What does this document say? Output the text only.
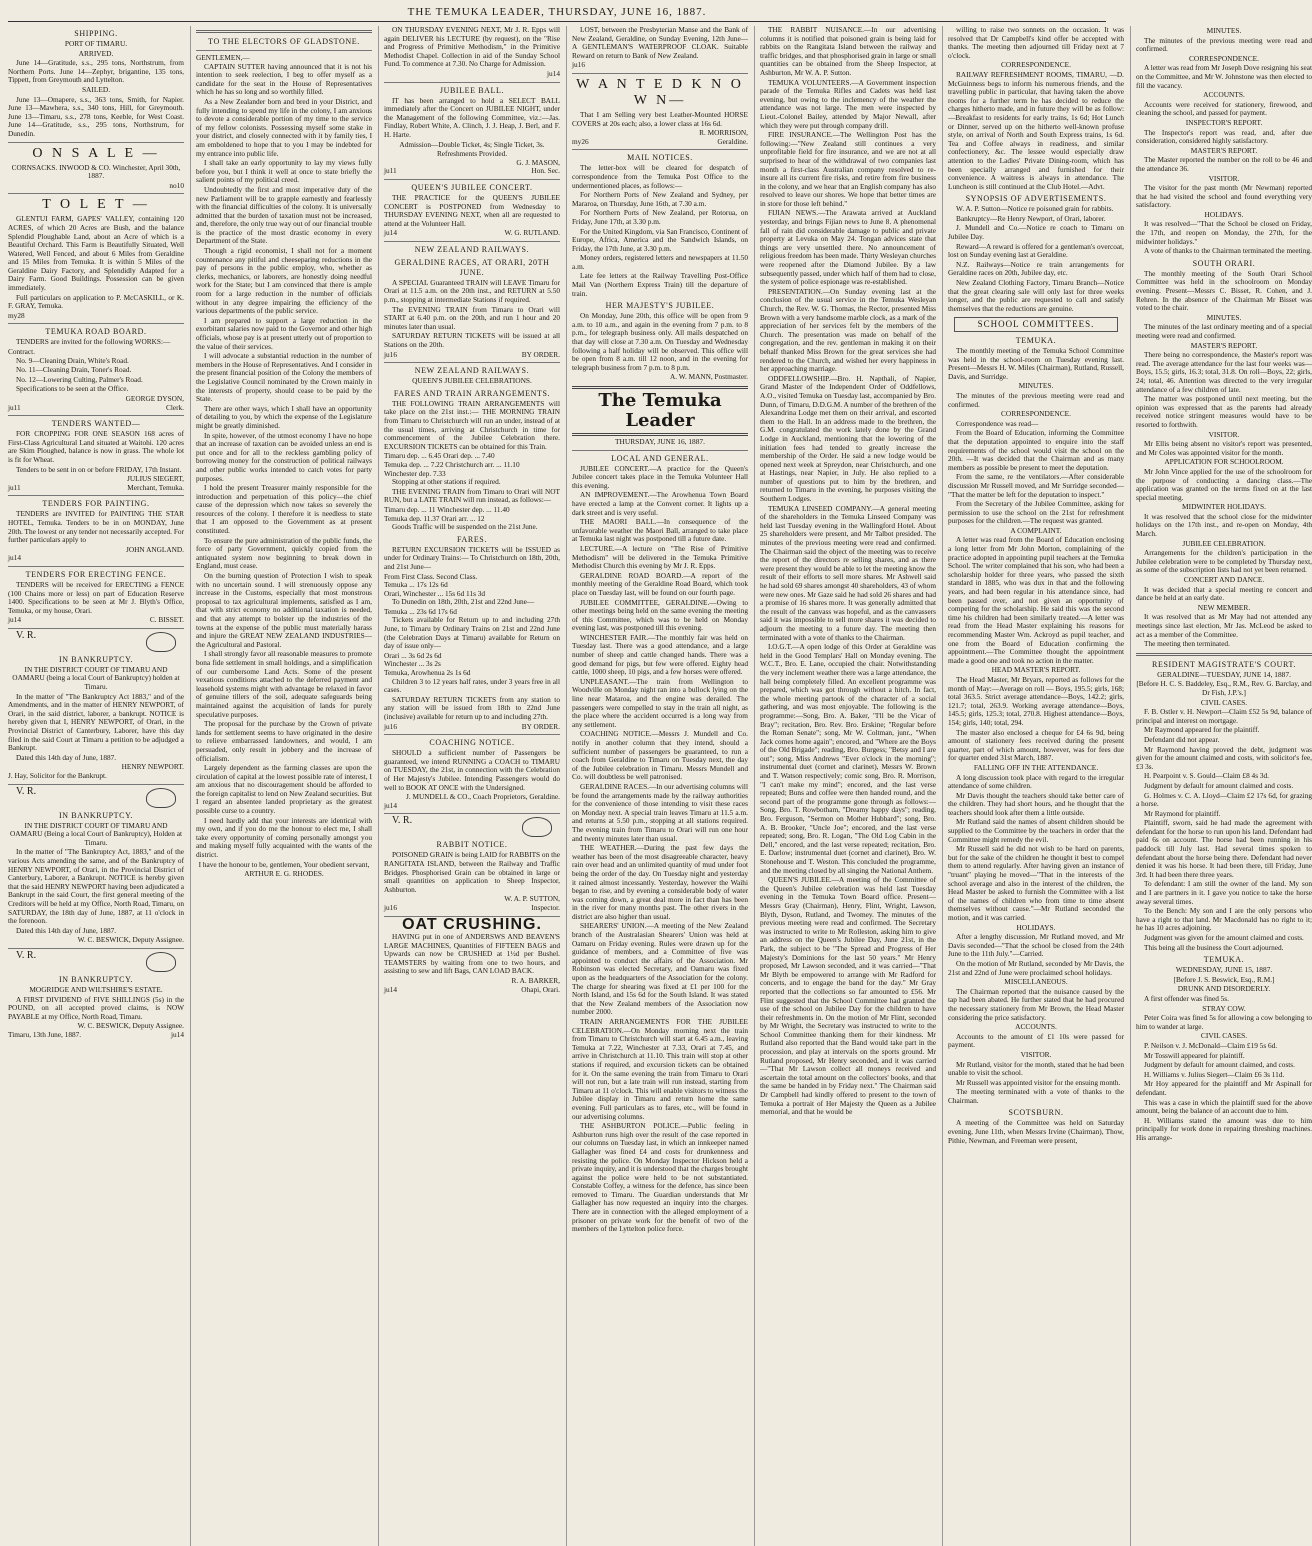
THE TEMUKA LEADER, THURSDAY, JUNE 16, 1887.
SHIPPING.
PORT OF TIMARU.
ARRIVED.

June 14—Gratitude, s.s., 295 tons, Northstrum, from Northern Ports. June 14—Zephyr, brigantine, 135 tons, Tippett, from Greymouth and Lyttelton.

SAILED.

June 13—Omapere, s.s., 363 tons, Smith, for Napier. June 13—Mawhera, s.s., 340 tons, Hill, for Greymouth. June 13—Timaru, s.s., 278 tons, Keeble, for West Coast. June 14—Gratitude, s.s., 295 tons, Northstrum, for Dunedin.

O N S A L E —

CORNSACKS. INWOOD & CO. Winchester, April 30th, 1887.

no10
T O L E T —

GLENTUI FARM, GAPES' VALLEY, containing 120 ACRES, of which 20 Acres are Bush, and the balance Splendid Ploughable Land, about an Acre of which is a Beautiful Orchard. This Farm is Beautifully Situated, Well Watered, Well Fenced, and about 6 Miles from Geraldine and 15 Miles from Temuka. It is within 5 Miles of the Geraldine Dairy Factory, and Splendidly Adapted for a Dairy Farm. Good Buildings. Possession can be given immediately.

Full particulars on application to P. McCASKILL, or K. F. GRAY, Temuka.

my28
TEMUKA ROAD BOARD.

TENDERS are invited for the following WORKS:—

Contract.

No. 9—Cleaning Drain, White's Road.

No. 11—Cleaning Drain, Toner's Road.

No. 12—Lowering Culting, Palmer's Road.

Specifications to be seen at the Office.

GEORGE DYSON,
ju11	Clerk.
TENDERS WANTED—

FOR CROPPING FOR ONE SEASON 168 acres of First-Class Agricultural Land situated at Waitohi. 120 acres are Skim Ploughed, balance is now in grass. The whole lot is fit for Wheat.

Tenders to be sent in on or before FRIDAY, 17th Instant.

JULIUS SIEGERT,
ju11	Merchant, Temuka.
TENDERS FOR PAINTING.

TENDERS are INVITED for PAINTING THE STAR HOTEL, Temuka. Tenders to be in on MONDAY, June 20th. The lowest or any tender not necessarily accepted. For further particulars apply to

JOHN ANGLAND.
ju14
TENDERS FOR ERECTING FENCE.

TENDERS will be received for ERECTING a FENCE (100 Chains more or less) on part of Education Reserve 1400. Specifications to be seen at Mr J. Blyth's Office, Temuka, or my house, Orari.

ju14	C. BISSET.
V. R.
IN BANKRUPTCY.

IN THE DISTRICT COURT OF TIMARU AND OAMARU (being a local Court of Bankruptcy) holden at Timaru.

In the matter of "The Bankruptcy Act 1883," and of the Amendments, and in the matter of HENRY NEWPORT, of Orari, in the said district, laborer, a bankrupt. NOTICE is hereby given that I, HENRY NEWPORT, of Orari, in the Provincial District of Canterbury, Laborer, have this day filed in the said Court at Timaru a petition to be adjudged a Bankrupt.

Dated this 14th day of June, 1887.

HENRY NEWPORT.
J. Hay, Solicitor for the Bankrupt.
V. R.
IN BANKRUPTCY.

IN THE DISTRICT COURT OF TIMARU AND OAMARU (Being a local Court of Bankruptcy), Holden at Timaru.

In the matter of "The Bankruptcy Act, 1883," and of the various Acts amending the same, and of the Bankruptcy of HENRY NEWPORT, of Orari, in the Provincial District of Canterbury, Laborer, a Bankrupt. NOTICE is hereby given that the said HENRY NEWPORT having been adjudicated a Bankrupt in the said Court, the first general meeting of the Creditors will be held at my Office, North Road, Timaru, on SATURDAY, the 18th day of June, 1887, at 11 o'clock in the forenoon.

Dated this 14th day of June, 1887.

W. C. BESWICK, Deputy Assignee.
V. R.
IN BANKRUPTCY.
MOGRIDGE AND WILTSHIRE'S ESTATE.

A FIRST DIVIDEND of FIVE SHILLINGS (5s) in the POUND, on all accepted proved claims, is NOW PAYABLE at my Office, North Road, Timaru.

W. C. BESWICK, Deputy Assignee.
Timaru, 13th June, 1887.	ju14
TO THE ELECTORS OF GLADSTONE.
GENTLEMEN,—

CAPTAIN SUTTER having announced that it is not his intention to seek reelection, I beg to offer myself as a candidate for the seat in the House of Representatives which he has so long and so worthily filled.

As a New Zealander born and bred in your District, and fully intending to spend my life in the colony, I am anxious to devote a considerable portion of my time to the service of my fellow colonists. Possessing myself some stake in your district, and closely connected with it by family ties, I am emboldened to hope that to you I may be indebted for my entrance into public life.

I shall take an early opportunity to lay my views fully before you, but I think it well at once to state briefly the salient points of my political creed.

Undoubtedly the first and most imperative duty of the new Parliament will be to grapple earnestly and fearlessly with the financial difficulties of the colony. It is universally admitted that the burden of taxation must not be increased, and, therefore, the only true way out of our financial trouble is the practice of the most drastic economy in every Department of the State.

Though a rigid economist, I shall not for a moment countenance any pitiful and cheeseparing reductions in the pay of persons in the public employ, who, whether as clerks, mechanics, or laborers, are honestly doing needful work for the State; but I am convinced that there is ample room for a large reduction in the number of officials without in any degree impairing the efficiency of the various departments of the public service.

I am prepared to support a large reduction in the exorbitant salaries now paid to the Governor and other high officials, whose pay is at present utterly out of proportion to the value of their services.

I will advocate a substantial reduction in the number of members in the House of Representatives. And I consider in the present financial position of the Colony the members of the Legislative Council nominated by the Crown mainly in the interests of property, should cease to be paid by the State.

There are other ways, which I shall have an opportunity of detailing to you, by which the expense of the Legislature might be greatly diminished.

In spite, however, of the utmost economy I have no hope that an increase of taxation can be avoided unless an end is put once and for all to the reckless gambling policy of borrowing money for the construction of political railways and other public works intended to catch votes for party purposes.

I hold the present Treasurer mainly responsible for the introduction and perpetuation of this policy—the chief cause of the depression which now takes so severely the resources of the colony. I therefore it is needless to state that I am opposed to the Government as at present constituted.

To ensure the pure administration of the public funds, the force of party Government, quickly copied from the antiquated system now beginning to break down in England, must cease.

On the burning question of Protection I wish to speak with no uncertain sound. I will strenuously oppose any increase in the Customs, especially that most monstrous proposal to tax agricultural implements, satisfied as I am, that with strict economy no additional taxation is needed, and that any attempt to bolster up the industries of the towns at the expense of the public must materially harass and injure the GREAT NEW ZEALAND INDUSTRIES—the Agricultural and Pastoral.

I shall strongly favor all reasonable measures to promote bona fide settlement in small holdings, and a simplification of our cumbersome Land Acts. Some of the present vexatious conditions attached to the deferred payment and leasehold systems might with advantage be relaxed in favor of genuine tillers of the soil, adequate safeguards being maintained against the acquisition of lands for purely speculative purposes.

The proposal for the purchase by the Crown of private lands for settlement seems to have originated in the desire to relieve embarrassed landowners, and would, I am persuaded, only result in jobbery and the increase of officialism.

Largely dependent as the farming classes are upon the circulation of capital at the lowest possible rate of interest, I am anxious that no discouragement should be afforded to the foreign capitalist to lend on New Zealand securities. But I regard an absentee landed proprietary as the greatest possible curse to a country.

I need hardly add that your interests are identical with my own, and if you do me the honour to elect me, I shall take every opportunity of coming personally amongst you and making myself fully acquainted with the wants of the district.

I have the honour to be, gentlemen, Your obedient servant,

ARTHUR E. G. RHODES.

ON THURSDAY EVENING NEXT, Mr J. R. Epps will again DELIVER his LECTURE (by request), on the "Rise and Progress of Primitive Methodism," in the Primitive Methodist Chapel. Collection in aid of the Sunday School Fund. To commence at 7.30. No Charge for Admission.

ju14
JUBILEE BALL.

IT has been arranged to hold a SELECT BALL immediately after the Concert on JUBILEE NIGHT, under the Management of the following Committee, viz.:—Jas. Findlay, Robert White, A. Clinch, J. J. Heap, J. Berl, and F. H. Harte.

Admission—Double Ticket, 4s; Single Ticket, 3s.

Refreshments Provided.
G. J. MASON,
ju11	Hon. Sec.
QUEEN'S JUBILEE CONCERT.

THE PRACTICE for the QUEEN'S JUBILEE CONCERT is POSTPONED from Wednesday to THURSDAY EVENING NEXT, when all are requested to attend at the Volunteer Hall.

ju14	W. G. RUTLAND.
NEW ZEALAND RAILWAYS.
GERALDINE RACES, AT ORARI, 20TH JUNE.

A SPECIAL Guaranteed TRAIN will LEAVE Timaru for Orari at 11.5 a.m. on the 20th inst., and RETURN at 5.50 p.m., stopping at intermediate Stations if required.

The EVENING TRAIN from Timaru to Orari will START at 6.40 p.m. on the 20th, and run 1 hour and 20 minutes later than usual.

SATURDAY RETURN TICKETS will be issued at all Stations on the 20th.

ju16	BY ORDER.
NEW ZEALAND RAILWAYS.
QUEEN'S JUBILEE CELEBRATIONS.
FARES AND TRAIN ARRANGEMENTS.

THE FOLLOWING TRAIN ARRANGEMENTS will take place on the 21st inst.:— THE MORNING TRAIN from Timaru to Christchurch will run an under, instead of at the usual times, arriving at Christchurch in time for commencement of the Jubilee Celebration there. EXCURSION TICKETS can be obtained for this Train.

Timaru dep. ... 6.45 Orari dep. ... 7.40
Temuka dep. ... 7.22 Christchurch arr. ... 11.10
Winchester dep. 7.33

Stopping at other stations if required.

THE EVENING TRAIN from Timaru to Orari will NOT RUN, but a LATE TRAIN will run instead, as follows:—

Timaru dep. ... 11 Winchester dep. ... 11.40
Temuka dep. 11.37 Orari arr. ... 12

Goods Traffic will be suspended on the 21st June.

FARES.

RETURN EXCURSION TICKETS will be ISSUED as under for Ordinary Trains:— To Christchurch on 18th, 20th, and 21st June—

From First Class. Second Class.
Temuka ... 17s 12s 6d
Orari, Winchester ... 15s 6d 11s 3d

To Dunedin on 18th, 20th, 21st and 22nd June—

Temuka ... 23s 6d 17s 6d

Tickets available for Return up to and including 27th June, to Timaru by Ordinary Trains on 21st and 22nd June (the Celebration Days at Timaru) available for Return on day of issue only—

Orari ... 3s 6d 2s 6d
Winchester ... 3s 2s
Temuka, Arowhenua 2s 1s 6d

Children 3 to 12 years half rates, under 3 years free in all cases.

SATURDAY RETURN TICKETS from any station to any station will be issued from 18th to 22nd June (inclusive) available for return up to and including 27th.

ju16	BY ORDER.
COACHING NOTICE.

SHOULD a sufficient number of Passengers be guaranteed, we intend RUNNING a COACH to TIMARU on TUESDAY, the 21st, in connection with the Celebration of Her Majesty's Jubilee. Intending Passengers would do well to BOOK AT ONCE with the Undersigned.

J. MUNDELL & CO., Coach Proprietors, Geraldine.
ju14
V. R.
RABBIT NOTICE.

POISONED GRAIN is being LAID for RABBITS on the RANGITATA ISLAND, between the Railway and Traffic Bridges. Phosphorised Grain can be obtained in large or small quantities on application to Sheep Inspector, Ashburton.

W. A. P. SUTTON,
ju16	Inspector.
OAT CRUSHING.

HAVING put in one of ANDERSWS AND BEAVEN'S LARGE MACHINES, Quantities of FIFTEEN BAGS and Upwards can now be CRUSHED at 1½d per Bushel. TEAMSTERS by waiting from one to two hours, and assisting to sew and lift Bags, CAN LOAD BACK.

R. A. BARKER,
ju14	Ohapi, Orari.

LOST, between the Presbyterian Manse and the Bank of New Zealand, Geraldine, on Sunday Evening, 12th June—A GENTLEMAN'S WATERPROOF CLOAK. Suitable Reward on return to Bank of New Zealand.

ju16
W A N T E D K N O W N—

That I am Selling very best Leather-Mounted HORSE COVERS at 20s each; also, a lower class at 16s 6d.

R. MORRISON,
my26	Geraldine.
MAIL NOTICES.

The letter-box will be cleared for despatch of correspondence from the Temuka Post Office to the undermentioned places, as follows:—

For Northern Ports of New Zealand and Sydney, per Mararoa, on Thursday, June 16th, at 7.30 a.m.

For Northern Ports of New Zealand, per Rotorua, on Friday, June 17th, at 3.30 p.m.

For the United Kingdom, via San Francisco, Continent of Europe, Africa, America and the Sandwich Islands, on Friday, the 17th June, at 3.30 p.m.

Money orders, registered letters and newspapers at 11.50 a.m.

Late fee letters at the Railway Travelling Post-Office Mail Van (Northern Express Train) till the departure of train.

HER MAJESTY'S JUBILEE.

On Monday, June 20th, this office will be open from 9 a.m. to 10 a.m., and again in the evening from 7 p.m. to 8 p.m., for telegraph business only. All mails despatched on that day will close at 7.30 a.m. On Tuesday and Wednesday following a half holiday will be observed. This office will be open from 8 a.m. till 12 noon, and in the evening for telegraph business from 7 p.m. to 8 p.m.

A. W. MANN, Postmaster.
The Temuka Leader
THURSDAY, JUNE 16, 1887.
LOCAL AND GENERAL.

JUBILEE CONCERT.—A practice for the Queen's Jubilee concert takes place in the Temuka Volunteer Hall this evening.

AN IMPROVEMENT.—The Arowhenua Town Board have erected a lamp at the Convent corner. It lights up a dark street and is very useful.

THE MAORI BALL.—In consequence of the unfavorable weather the Maori Ball, arranged to take place at Temuka last night was postponed till a future date.

LECTURE.—A lecture on "The Rise of Primitive Methodism" will be delivered in the Temuka Primitive Methodist Church this evening by Mr J. R. Epps.

GERALDINE ROAD BOARD.—A report of the monthly meeting of the Geraldine Road Board, which took place on Tuesday last, will be found on our fourth page.

JUBILEE COMMITTEE, GERALDINE.—Owing to other meetings being held on the same evening the meeting of this Committee, which was to be held on Monday evening last, was postponed till this evening.

WINCHESTER FAIR.—The monthly fair was held on Tuesday last. There was a good attendance, and a large number of sheep and cattle changed hands. There was a good demand for pigs, but few were offered. Eighty head cattle, 1000 sheep, 10 pigs, and a few horses were offered.

UNPLEASANT.—The train from Wellington to Woodville on Monday night ran into a bullock lying on the line near Mataroa, and the engine was derailed. The passengers were compelled to stay in the train all night, as the place where the accident occurred is a long way from any settlement.

COACHING NOTICE.—Messrs J. Mundell and Co. notify in another column that they intend, should a sufficient number of passengers be guaranteed, to run a coach from Geraldine to Timaru on Tuesday next, the day of the Jubilee celebration in Timaru. Messrs Mundell and Co. will doubtless be well patronised.

GERALDINE RACES.—In our advertising columns will be found the arrangements made by the railway authorities for the convenience of those intending to visit these races on Monday next. A special train leaves Timaru at 11.5 a.m. and returns at 5.50 p.m., stopping at all stations required. The evening train from Timaru to Orari will run one hour and twenty minutes later than usual.

THE WEATHER.—During the past few days the weather has been of the most disagreeable character, heavy rain over head and an unlimited quantity of mud under foot being the order of the day. On Tuesday night and yesterday it rained almost incessantly. Yesterday, however the Waihi began to rise, and by evening a considerable body of water was coming down, a great deal more in fact than has been in the river for many months past. The other rivers in the district are also higher than usual.

SHEARERS' UNION.—A meeting of the New Zealand branch of the Australasian Shearers' Union was held at Oamaru on Friday evening. Rules were drawn up for the guidance of members, and a Committee of five was appointed to conduct the affairs of the Association. Mr Robinson was elected Secretary, and Oamaru was fixed upon as the headquarters of the Association for the colony. The charge for shearing was fixed at £1 per 100 for the North Island, and 15s 6d for the South Island. It was stated that the New Zealand members of the Association now number 2000.

TRAIN ARRANGEMENTS FOR THE JUBILEE CELEBRATION.—On Monday morning next the train from Timaru to Christchurch will start at 6.45 a.m., leaving Temuka at 7.22, Winchester at 7.33, Orari at 7.45, and arrive in Christchurch at 11.10. This train will stop at other stations if required, and excursion tickets can be obtained for it. On the same evening the train from Timaru to Orari will not run, but a late train will run instead, starting from Timaru at 11 o'clock. This will enable visitors to witness the Jubilee display in Timaru and return home the same evening. Full particulars as to fares, etc., will be found in our advertising columns.

THE ASHBURTON POLICE.—Public feeling in Ashburton runs high over the result of the case reported in our columns on Tuesday last, in which an innkeeper named Gallagher was fined £4 and costs for drunkenness and resisting the police. On Monday Inspector Hickson held a private inquiry, and it is understood that the charges brought against the police were held to be not substantiated. Constable Coffey, a witness for the defence, has since been removed to Timaru. The Guardian understands that Mr Gallagher has now requested an inquiry into the charges. There are in connection with the alleged employment of a prisoner on private work for the benefit of two of the members of the Lyttelton police force.

THE RABBIT NUISANCE.—In our advertising columns it is notified that poisoned grain is being laid for rabbits on the Rangitata Island between the railway and traffic bridges, and that phosphorised grain in large or small quantities can be obtained from the Sheep Inspector, at Ashburton, Mr W. A. P. Sutton.

TEMUKA VOLUNTEERS.—A Government inspection parade of the Temuka Rifles and Cadets was held last evening, but owing to the inclemency of the weather the attendance was not large. The men were inspected by Lieut.-Colonel Bailey, attended by Major Newall, after which they were put through company drill.

FIRE INSURANCE.—The Wellington Post has the following:—"New Zealand still continues a very unprofitable field for fire insurance, and we are not at all surprised to hear of the withdrawal of two companies last month a first-class Australian company resolved to re-insure all its current fire risks, and retire from fire business in the colony, and we hear that an English company has also resolved to leave our shores. We hope that better times are in store for those left behind."

FIJIAN NEWS.—The Arawata arrived at Auckland yesterday, and brings Fijian news to June 8. A phenomenal fall of rain did considerable damage to public and private property at Levuka on May 24. Tongan advices state that things are very unsettled there. No announcement of religious freedom has been made. Thirty Wesleyan churches were reopened after the Diamond Jubilee. By a law subsequently passed, under which half of them had to close, the system of police espionage was re-established.

PRESENTATION.—On Sunday evening last at the conclusion of the usual service in the Temuka Wesleyan Church, the Rev. W. G. Thomas, the Rector, presented Miss Brown with a very handsome marble clock, as a mark of the appreciation of her services felt by the members of the Church. The presentation was made on behalf of the congregation, and the rev. gentleman in making it on their behalf thanked Miss Brown for the great services she had rendered to the Church, and wished her every happiness in her approaching marriage.

ODDFELLOWSHIP.—Bro. H. Napthali, of Napier, Grand Master of the Independent Order of Oddfellows, A.O., visited Temuka on Tuesday last, accompanied by Bro. Dunn, of Timaru, D.D.G.M. A number of the brethren of the Alexandrina Lodge met them on their arrival, and escorted them to the Hall. In an address made to the brethren, the G.M. congratulated the work lately done by the Grand Lodge in Auckland, mentioning that the lowering of the initiation fees had tended to greatly increase the membership of the Order. He said a new lodge would be opened next week at Spreydon, near Christchurch, and one at Hastings, near Napier, in July. He also replied to a number of questions put to him by the brethren, and returned to Timaru in the evening, he purposes visiting the Southern Lodges.

TEMUKA LINSEED COMPANY.—A general meeting of the shareholders in the Temuka Linseed Company was held last Tuesday evening in the Wallingford Hotel. About 25 shareholders were present, and Mr Talbot presided. The minutes of the previous meeting were read and confirmed. The Chairman said the object of the meeting was to receive the report of the directors re selling shares, and as there were present they would be able to let the meeting know the result of their efforts to sell more shares. Mr Ashwell said he had sold 69 shares amongst 40 shareholders, 43 of whom were new ones. Mr Gaze said he had sold 26 shares and had a promise of 16 shares more. It was generally admitted that the result of the canvass was hopeful, and as the canvassers said it was impossible to sell more shares it was decided to adjourn the meeting to a future day. The meeting then terminated with a vote of thanks to the Chairman.

I.O.G.T.—A open lodge of this Order at Geraldine was held in the Good Templars' Hall on Monday evening. The W.C.T., Bro. E. Lane, occupied the chair. Notwithstanding the very inclement weather there was a large attendance, the hall being completely filled. An excellent programme was prepared, which was got through without a hitch. In fact, the whole meeting partook of the character of a social gathering, and was most enjoyable. The following is the programme:—Song, Bro. A. Baker, "I'll be the Vicar of Bray"; recitation, Bro. Rev. Bro. Erskine; "Regular before the Roman Senate"; song, Mr W. Coltman, junr., "When Jack comes home again"; encored, and "Where are the Boys of the Old Brigade"; reading, Bro. Burgess; "Betsy and I are out"; song, Miss Andrews "Ever o'clock in the morning"; instrumental duet (cornet and clarinet), Messrs W. Brown and T. Watson respectively; comic song, Bro. R. Morrison, "I can't make my mind"; encored, and the last verse repeated; Buns and coffee were then handed round, and the second part of the programme gone through as follows:—Song, Bro. T. Rowbotham, "Dreamy happy days"; reading, Bro. Ferguson, "Sermon on Mother Hubbard"; song, Bro. A. B. Brooker, "Uncle Joe"; encored, and the last verse repeated; song, Bro. R. Logan, "The Old Log Cabin in the Dell," encored, and the last verse repeated; recitation, Bro. E. Darlow; instrumental duet (cornet and clarinet), Bro. W. Stonehouse and T. Weston. This concluded the programme, and the meeting closed by all singing the National Anthem.

QUEEN'S JUBILEE.—A meeting of the Committee of the Queen's Jubilee celebration was held last Tuesday evening in the Temuka Town Board office. Present—Messrs Gray (Chairman), Henry, Flint, Wright, Lawson, Blyth, Dyson, Rutland, and Twomey. The minutes of the previous meeting were read and confirmed. The Secretary was instructed to write to Mr Rolleston, asking him to give an address on the Queen's Jubilee Day, June 21st, in the Park, the subject to be "The Spread and Progress of Her Majesty's Dominions for the last 50 years." Mr Henry proposed, Mr Lawson seconded, and it was carried—"That Mr Blyth be empowered to arrange with Mr Radford for concerts, and to engage the band for the day." Mr Gray reported that the collections so far amounted to £56. Mr Flint suggested that the School Committee had granted the use of the school on Jubilee Day for the children to have their refreshments in. On the motion of Mr Flint, seconded by Mr Wright, the Secretary was instructed to write to the School Committee thanking them for their kindness. Mr Rutland also reported that the Band would take part in the procession, and play at intervals on the sports ground. Mr Rutland proposed, Mr Henry seconded, and it was carried—"That Mr Lawson collect all moneys received and ascertain the total amount on the collectors' books, and that the same be handed in by Friday next." The Chairman said Dr Campbell had kindly offered to present to the town of Temuka a portrait of Her Majesty the Queen as a Jubilee memorial, and that he would be

willing to raise two sonnets on the occasion. It was resolved that Dr Campbell's kind offer be accepted with thanks. The meeting then adjourned till Friday next at 7 o'clock.

CORRESPONDENCE.

RAILWAY REFRESHMENT ROOMS, TIMARU, —D. McGuinness begs to inform his numerous friends, and the travelling public in particular, that having taken the above rooms for a further term he has decided to reduce the charges hitherto made, and in future they will be as follow:—Breakfast to residents for early trains, 1s 6d; Hot Lunch or Dinner, served up on the hitherto well-known profuse style, on arrival of North and South Express trains, 1s 6d. Tea and Coffee always in readiness, and similar confectionery, &c. The lessee would especially draw attention to the Ladies' Private Dining-room, which has been specially arranged and furnished for their convenience. A waitress is always in attendance. The Luncheon is still continued at the Club Hotel.—Advt.

SYNOPSIS OF ADVERTISEMENTS.

W. A. P. Sutton—Notice re poisoned grain for rabbits.

Bankruptcy—Re Henry Newport, of Orari, laborer.

J. Mundell and Co.—Notice re coach to Timaru on Jubilee Day.

Reward—A reward is offered for a gentleman's overcoat, lost on Sunday evening last at Geraldine.

N.Z. Railways—Notice re train arrangements for Geraldine races on 20th, Jubilee day, etc.

New Zealand Clothing Factory, Timaru Branch—Notice that the great clearing sale will only last for three weeks longer, and the public are requested to call and satisfy themselves that the reductions are genuine.

SCHOOL COMMITTEES.
TEMUKA.

The monthly meeting of the Temuka School Committee was held in the school-room on Tuesday evening last. Present—Messrs H. W. Miles (Chairman), Rutland, Russell, Davis, and Surridge.

MINUTES.

The minutes of the previous meeting were read and confirmed.

CORRESPONDENCE.

Correspondence was read—

From the Board of Education, informing the Committee that the deputation appointed to enquire into the staff requirements of the school would visit the school on the 20th. —It was decided that the Chairman and as many members as possible be present to meet the deputation.

From the same, re the ventilators.—After considerable discussion Mr Russell moved, and Mr Surridge seconded— "That the matter be left for the deputation to inspect."

From the Secretary of the Jubilee Committee, asking for permission to use the school on the 21st for refreshment purposes for the children.—The request was granted.

A COMPLAINT.

A letter was read from the Board of Education enclosing a long letter from Mr John Morton, complaining of the practice adopted in appointing pupil teachers at the Temuka School. The writer complained that his son, who had been a scholarship holder for three years, who passed the sixth standard in 1885, who was dux in that and the following years, and had been regular in his attendance since, had been passed over, and not given an opportunity of competing for the scholarship. He said this was the second time his children had been similarly treated.—A letter was read from the Head Master explaining his reasons for recommending Master Wm. Ackroyd as pupil teacher, and one from the Board of Education confirming the appointment.—The Committee thought the appointment made a good one and took no action in the matter.

HEAD MASTER'S REPORT.

The Head Master, Mr Bryars, reported as follows for the month of May:—Average on roll — Boys, 195.5; girls, 168; total 363.5. Strict average attendance—Boys, 142.2; girls, 121.7; total, 263.9. Working average attendance—Boys, 145.5; girls, 125.3; total, 270.8. Highest attendance—Boys, 154; girls, 140; total, 294.

The master also enclosed a cheque for £4 6s 9d, being amount of stationery fees received during the present quarter, part of which amount, however, was for fees due for quarter ended 31st March, 1887.

FALLING OFF IN THE ATTENDANCE.

A long discussion took place with regard to the irregular attendance of some children.

Mr Davis thought the teachers should take better care of the children. They had short hours, and he thought that the teachers should look after them a little outside.

Mr Rutland said the names of absent children should be supplied to the Committee by the teachers in order that the Committee might remedy the evil.

Mr Russell said he did not wish to be hard on parents, but for the sake of the children he thought it best to compel them to attend regularly. After having given an instance of "truant" playing he moved—"That in the interests of the school average and also in the interest of the children, the Head Master be asked to furnish the Committee with a list of the names of children who from time to time absent themselves without cause."—Mr Rutland seconded the motion, and it was carried.

HOLIDAYS.

After a lengthy discussion, Mr Rutland moved, and Mr Davis seconded—"That the school be closed from the 24th June to the 11th July."—Carried.

On the motion of Mr Rutland, seconded by Mr Davis, the 21st and 22nd of June were proclaimed school holidays.

MISCELLANEOUS.

The Chairman reported that the nuisance caused by the tap had been abated. He further stated that he had procured the necessary stationery from Mr Brown, the Head Master considering the price satisfactory.

ACCOUNTS.

Accounts to the amount of £1 10s were passed for payment.

VISITOR.

Mr Rutland, visitor for the month, stated that he had been unable to visit the school.

Mr Russell was appointed visitor for the ensuing month.

The meeting terminated with a vote of thanks to the Chairman.

SCOTSBURN.

A meeting of the Committee was held on Saturday evening, June 11th, when Messrs Irvine (Chairman), Thow, Pithie, Newman, and Freeman were present,

MINUTES.

The minutes of the previous meeting were read and confirmed.

CORRESPONDENCE.

A letter was read from Mr Joseph Dove resigning his seat on the Committee, and Mr W. Johnstone was then elected to fill the vacancy.

ACCOUNTS.

Accounts were received for stationery, firewood, and cleaning the school, and passed for payment.

INSPECTOR'S REPORT.

The Inspector's report was read, and, after due consideration, considered highly satisfactory.

MASTER'S REPORT.

The Master reported the number on the roll to be 46 and the attendance 36.

VISITOR.

The visitor for the past month (Mr Newman) reported that he had visited the school and found everything very satisfactory.

HOLIDAYS.

It was resolved—"That the School be closed on Friday, the 17th, and reopen on Monday, the 27th, for the midwinter holidays."

A vote of thanks to the Chairman terminated the meeting.

SOUTH ORARI.

The monthly meeting of the South Orari School Committee was held in the schoolroom on Monday evening. Present—Messrs C. Bisset, R. Cohen, and J. Rehren. In the absence of the Chairman Mr Bisset was voted to the chair.

MINUTES.

The minutes of the last ordinary meeting and of a special meeting were read and confirmed.

MASTER'S REPORT.

There being no correspondence, the Master's report was read. The average attendance for the last four weeks was—Boys, 15.5; girls, 16.3; total, 31.8. On roll—Boys, 22; girls, 24; total, 46. Attention was directed to the very irregular attendance of a few children of late.

The matter was postponed until next meeting, but the opinion was expressed that as the parents had already received notice stringent measures would have to be resorted to forthwith.

VISITOR.

Mr Ellis being absent no visitor's report was presented, and Mr Coles was appointed visitor for the month.

APPLICATION FOR SCHOOLROOM.

Mr John Vince applied for the use of the schoolroom for the purpose of conducting a dancing class.—The application was granted on the terms fixed on at the last special meeting.

MIDWINTER HOLIDAYS.

It was resolved that the school close for the midwinter holidays on the 17th inst., and re-open on Monday, 4th March.

JUBILEE CELEBRATION.

Arrangements for the children's participation in the Jubilee celebration were to be completed by Thursday next, as some of the subscription lists had not yet been returned.

CONCERT AND DANCE.

It was decided that a special meeting re concert and dance be held at an early date.

NEW MEMBER.

It was resolved that as Mr May had not attended any meetings since last election, Mr Jas. McLeod be asked to act as a member of the Committee.

The meeting then terminated.

RESIDENT MAGISTRATE'S COURT.
GERALDINE—TUESDAY, JUNE 14, 1887.

[Before H. C. S. Baddeley, Esq., R.M., Rev. G. Barclay, and Dr Fish, J.P.'s.]

CIVIL CASES.

F. B. Ostler v. H. Newport—Claim £52 5s 9d, balance of principal and interest on mortgage.

Mr Raymond appeared for the plaintiff.

Defendant did not appear.

Mr Raymond having proved the debt, judgment was given for the amount claimed and costs, with solicitor's fee, £3 3s.

H. Pearpoint v. S. Gould—Claim £8 4s 3d.

Judgment by default for amount claimed and costs.

G. Holmes v. C. A. Lloyd—Claim £2 17s 6d, for grazing a horse.

Mr Raymond for plaintiff.

Plaintiff, sworn, said he had made the agreement with defendant for the horse to run upon his land. Defendant had paid 6s on account. The horse had been running in his paddock till July last. Had several times spoken to defendant about the horse being there. Defendant had never denied it was his horse. It had been there, till Friday, June 3rd. It had been there three years.

To defendant: I am still the owner of the land. My son and I are partners in it. I gave you notice to take the horse away several times.

To the Bench: My son and I are the only persons who have a right to that land. Mr Macdonald has no right to it; he has 10 acres adjoining.

Judgment was given for the amount claimed and costs.

This being all the business the Court adjourned.

TEMUKA.
WEDNESDAY, JUNE 15, 1887.

[Before J. S. Beswick, Esq., R.M.]

DRUNK AND DISORDERLY.

A first offender was fined 5s.

STRAY COW.

Peter Coira was fined 5s for allowing a cow belonging to him to wander at large.

CIVIL CASES.

P. Neilson v. J. McDonald—Claim £19 5s 6d.

Mr Tosswill appeared for plaintiff.

Judgment by default for amount claimed, and costs.

H. Williams v. Julius Siegert—Claim £6 3s 11d.

Mr Hoy appeared for the plaintiff and Mr Aspinall for defendant.

This was a case in which the plaintiff sued for the above amount, being the balance of an account due to him.

H. Williams stated the amount was due to him principally for work done in repairing threshing machines. His arrange-
